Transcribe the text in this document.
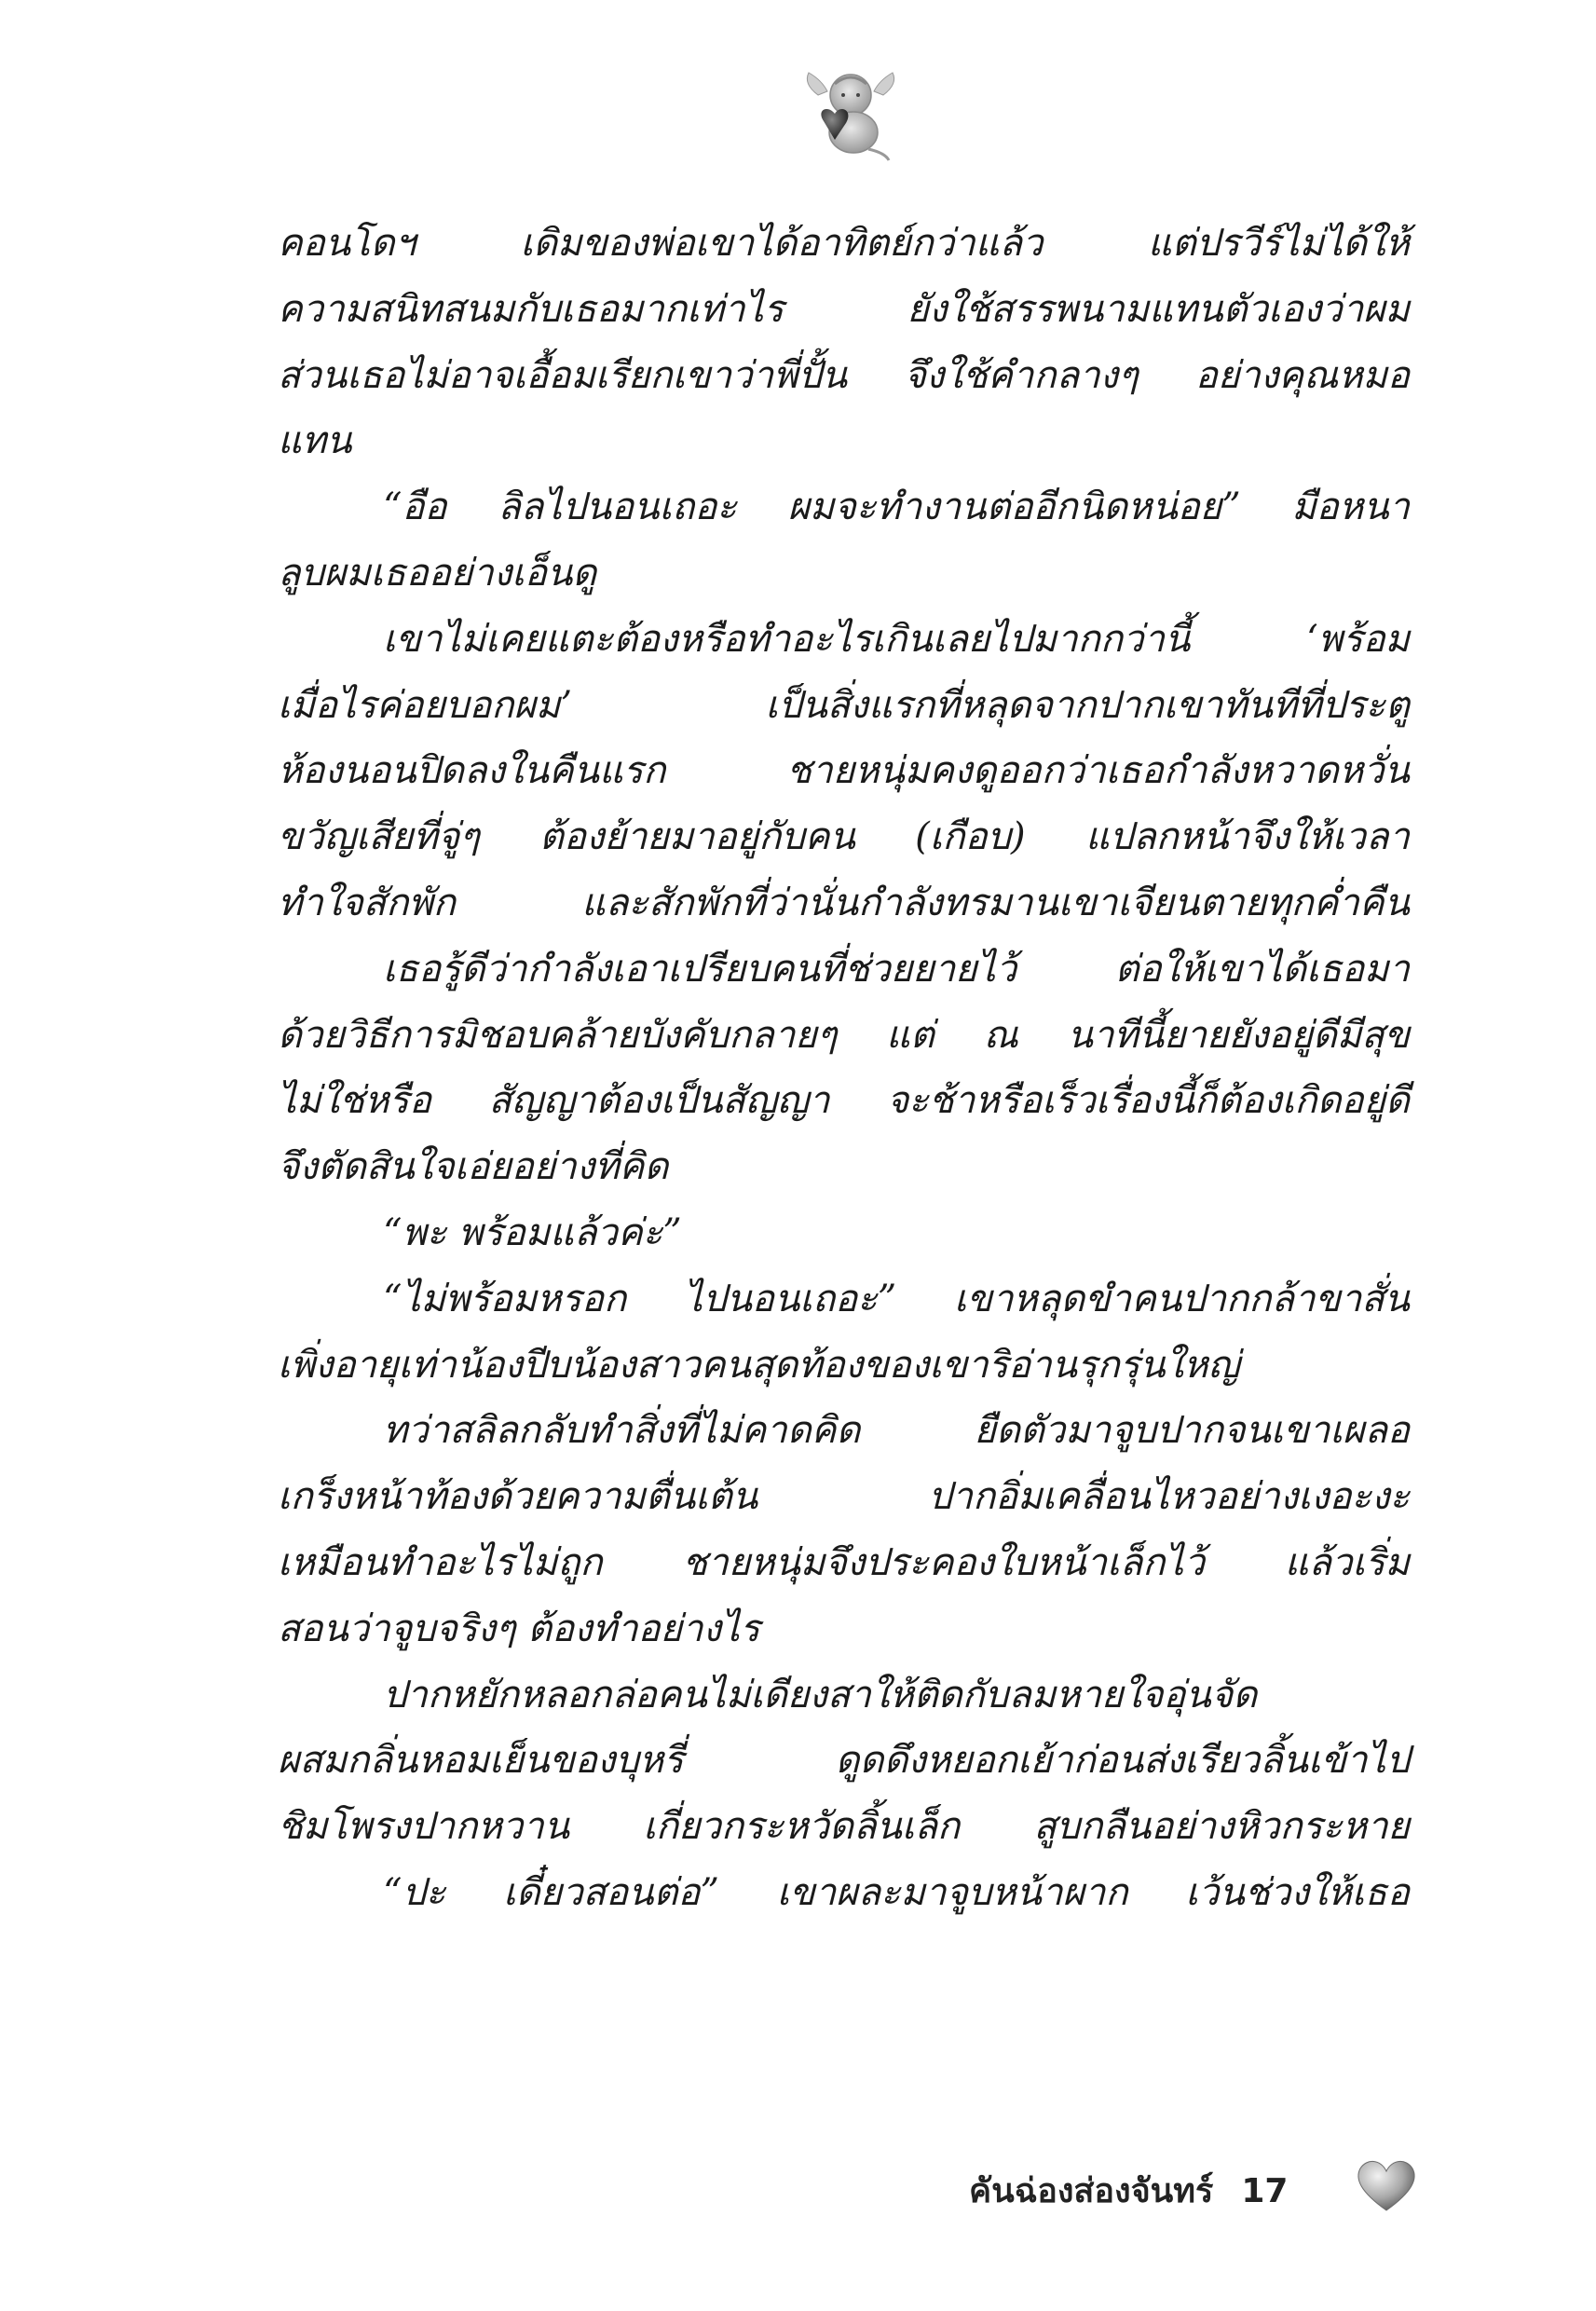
คอนโดฯ เดิมของพ่อเขาได้อาทิตย์กว่าแล้ว แต่ปรวีร์ไม่ได้ให้
ความสนิทสนมกับเธอมากเท่าไร ยังใช้สรรพนามแทนตัวเองว่าผม
ส่วนเธอไม่อาจเอื้อมเรียกเขาว่าพี่ปั้น จึงใช้คำกลางๆ อย่างคุณหมอ
แทน
“อือ ลิลไปนอนเถอะ ผมจะทำงานต่ออีกนิดหน่อย” มือหนา
ลูบผมเธออย่างเอ็นดู
เขาไม่เคยแตะต้องหรือทำอะไรเกินเลยไปมากกว่านี้ ‘พร้อม
เมื่อไรค่อยบอกผม’ เป็นสิ่งแรกที่หลุดจากปากเขาทันทีที่ประตู
ห้องนอนปิดลงในคืนแรก ชายหนุ่มคงดูออกว่าเธอกำลังหวาดหวั่น
ขวัญเสียที่จู่ๆ ต้องย้ายมาอยู่กับคน (เกือบ) แปลกหน้าจึงให้เวลา
ทำใจสักพัก และสักพักที่ว่านั่นกำลังทรมานเขาเจียนตายทุกค่ำคืน
เธอรู้ดีว่ากำลังเอาเปรียบคนที่ช่วยยายไว้ ต่อให้เขาได้เธอมา
ด้วยวิธีการมิชอบคล้ายบังคับกลายๆ แต่ ณ นาทีนี้ยายยังอยู่ดีมีสุข
ไม่ใช่หรือ สัญญาต้องเป็นสัญญา จะช้าหรือเร็วเรื่องนี้ก็ต้องเกิดอยู่ดี
จึงตัดสินใจเอ่ยอย่างที่คิด
“พะ พร้อมแล้วค่ะ”
“ไม่พร้อมหรอก ไปนอนเถอะ” เขาหลุดขำคนปากกล้าขาสั่น
เพิ่งอายุเท่าน้องปีบน้องสาวคนสุดท้องของเขาริอ่านรุกรุ่นใหญ่
ทว่าสลิลกลับทำสิ่งที่ไม่คาดคิด ยืดตัวมาจูบปากจนเขาเผลอ
เกร็งหน้าท้องด้วยความตื่นเต้น ปากอิ่มเคลื่อนไหวอย่างเงอะงะ
เหมือนทำอะไรไม่ถูก ชายหนุ่มจึงประคองใบหน้าเล็กไว้ แล้วเริ่ม
สอนว่าจูบจริงๆ ต้องทำอย่างไร
ปากหยักหลอกล่อคนไม่เดียงสาให้ติดกับลมหายใจอุ่นจัด
ผสมกลิ่นหอมเย็นของบุหรี่ ดูดดึงหยอกเย้าก่อนส่งเรียวลิ้นเข้าไป
ชิมโพรงปากหวาน เกี่ยวกระหวัดลิ้นเล็ก สูบกลืนอย่างหิวกระหาย
“ปะ เดี๋ยวสอนต่อ” เขาผละมาจูบหน้าผาก เว้นช่วงให้เธอ
คันฉ่องส่องจันทร์ 17
